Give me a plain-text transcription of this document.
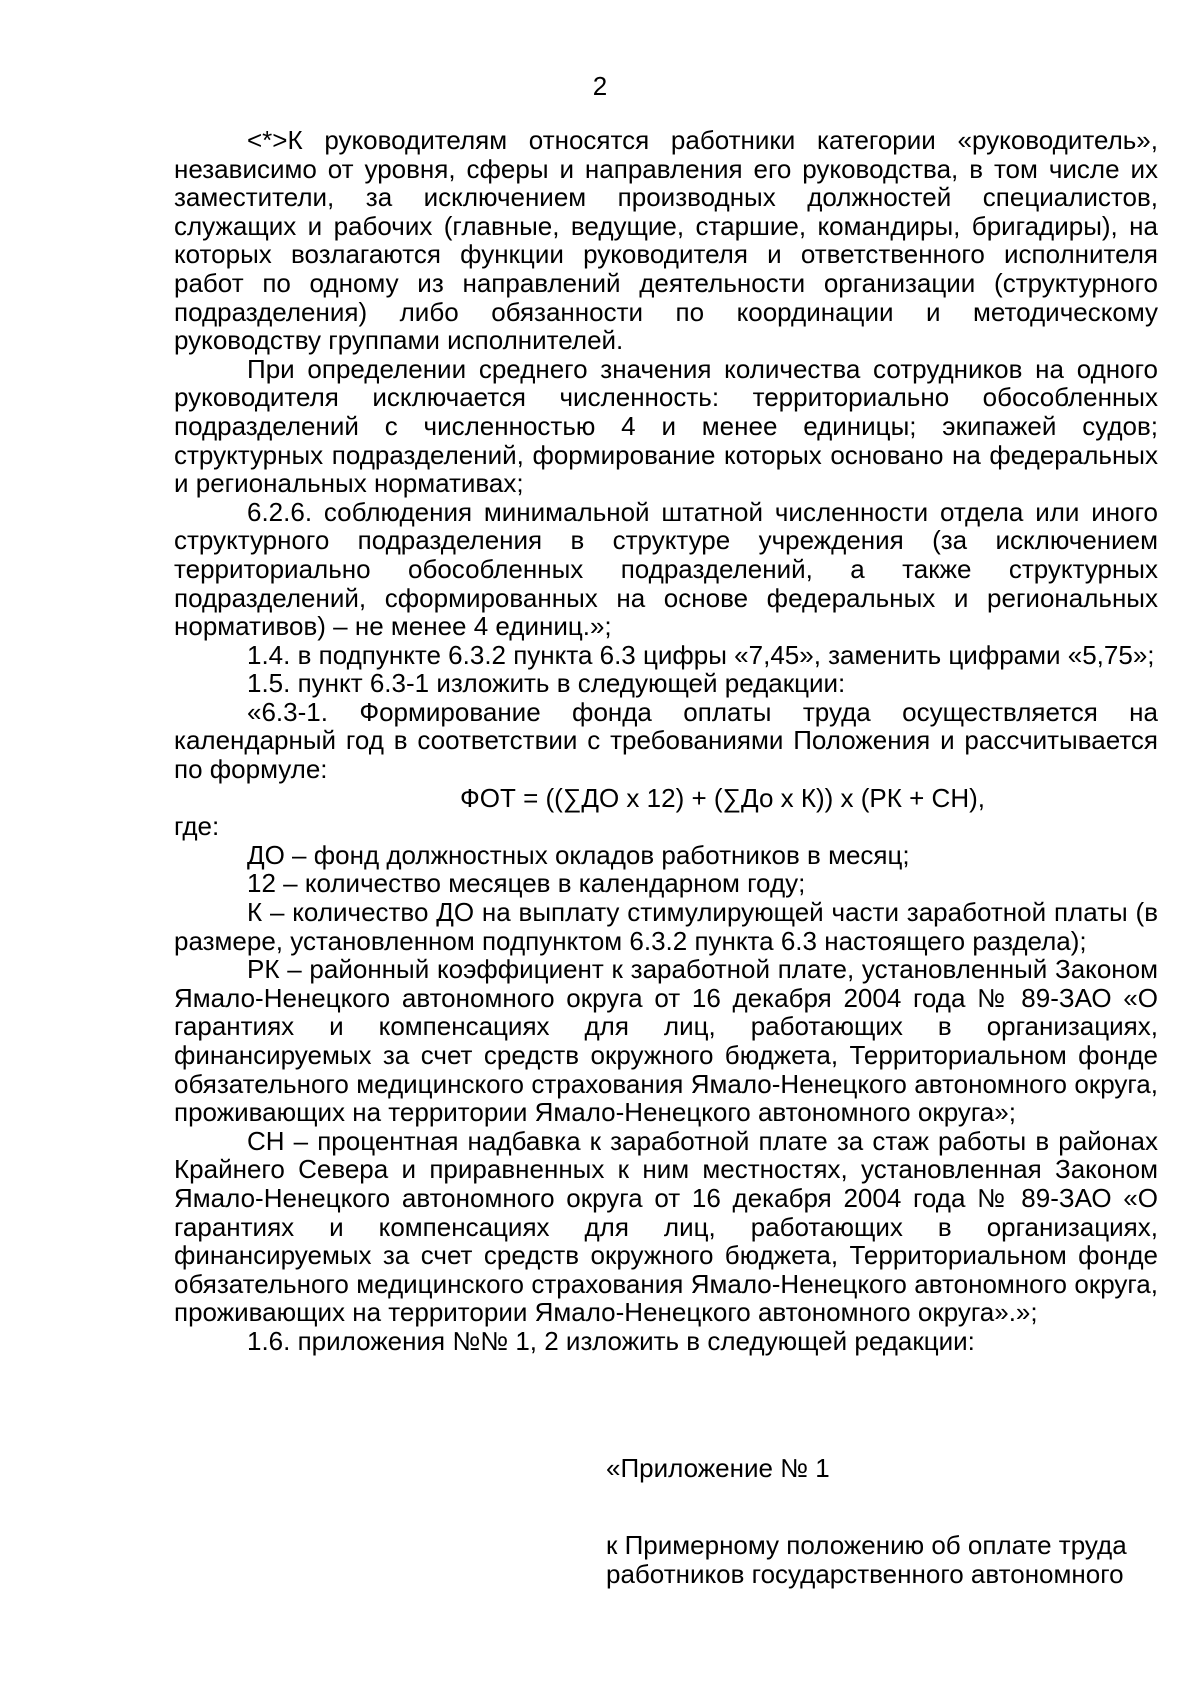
2

<*>К руководителям относятся работники категории «руководитель», независимо от уровня, сферы и направления его руководства, в том числе их заместители, за исключением производных должностей специалистов, служащих и рабочих (главные, ведущие, старшие, командиры, бригадиры), на которых возлагаются функции руководителя и ответственного исполнителя работ по одному из направлений деятельности организации (структурного подразделения) либо обязанности по координации и методическому руководству группами исполнителей.

При определении среднего значения количества сотрудников на одного руководителя исключается численность: территориально обособленных подразделений с численностью 4 и менее единицы; экипажей судов; структурных подразделений, формирование которых основано на федеральных и региональных нормативах;

6.2.6. соблюдения минимальной штатной численности отдела или иного структурного подразделения в структуре учреждения (за исключением территориально обособленных подразделений, а также структурных подразделений, сформированных на основе федеральных и региональных нормативов) – не менее 4 единиц.»;

1.4. в подпункте 6.3.2 пункта 6.3 цифры «7,45», заменить цифрами «5,75»;

1.5. пункт 6.3-1 изложить в следующей редакции:

«6.3-1. Формирование фонда оплаты труда осуществляется на календарный год в соответствии с требованиями Положения и рассчитывается по формуле:

ФОТ = ((∑ДО х 12) + (∑До х К)) х (РК + СН),

где:

ДО – фонд должностных окладов работников в месяц;

12 – количество месяцев в календарном году;

К – количество ДО на выплату стимулирующей части заработной платы (в размере, установленном подпунктом 6.3.2 пункта 6.3 настоящего раздела);

РК – районный коэффициент к заработной плате, установленный Законом Ямало-Ненецкого автономного округа от 16 декабря 2004 года № 89-ЗАО «О гарантиях и компенсациях для лиц, работающих в организациях, финансируемых за счет средств окружного бюджета, Территориальном фонде обязательного медицинского страхования Ямало-Ненецкого автономного округа, проживающих на территории Ямало-Ненецкого автономного округа»;

СН – процентная надбавка к заработной плате за стаж работы в районах Крайнего Севера и приравненных к ним местностях, установленная Законом Ямало-Ненецкого автономного округа от 16 декабря 2004 года № 89-ЗАО «О гарантиях и компенсациях для лиц, работающих в организациях, финансируемых за счет средств окружного бюджета, Территориальном фонде обязательного медицинского страхования Ямало-Ненецкого автономного округа, проживающих на территории Ямало-Ненецкого автономного округа».»;

1.6. приложения №№ 1, 2 изложить в следующей редакции:

«Приложение № 1
к Примерному положению об оплате труда работников государственного автономного
